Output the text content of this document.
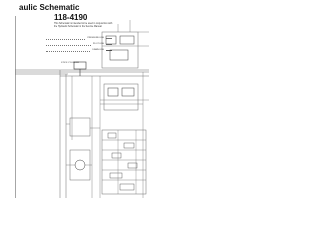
aulic Schematic
118-4190

This Schematic is intended to be used in conjunction with the Hydraulic Schematic in the Service Manual.

PRESSURE LINE
PILOT LINE
DRAIN LINE
STICK CYLINDER
